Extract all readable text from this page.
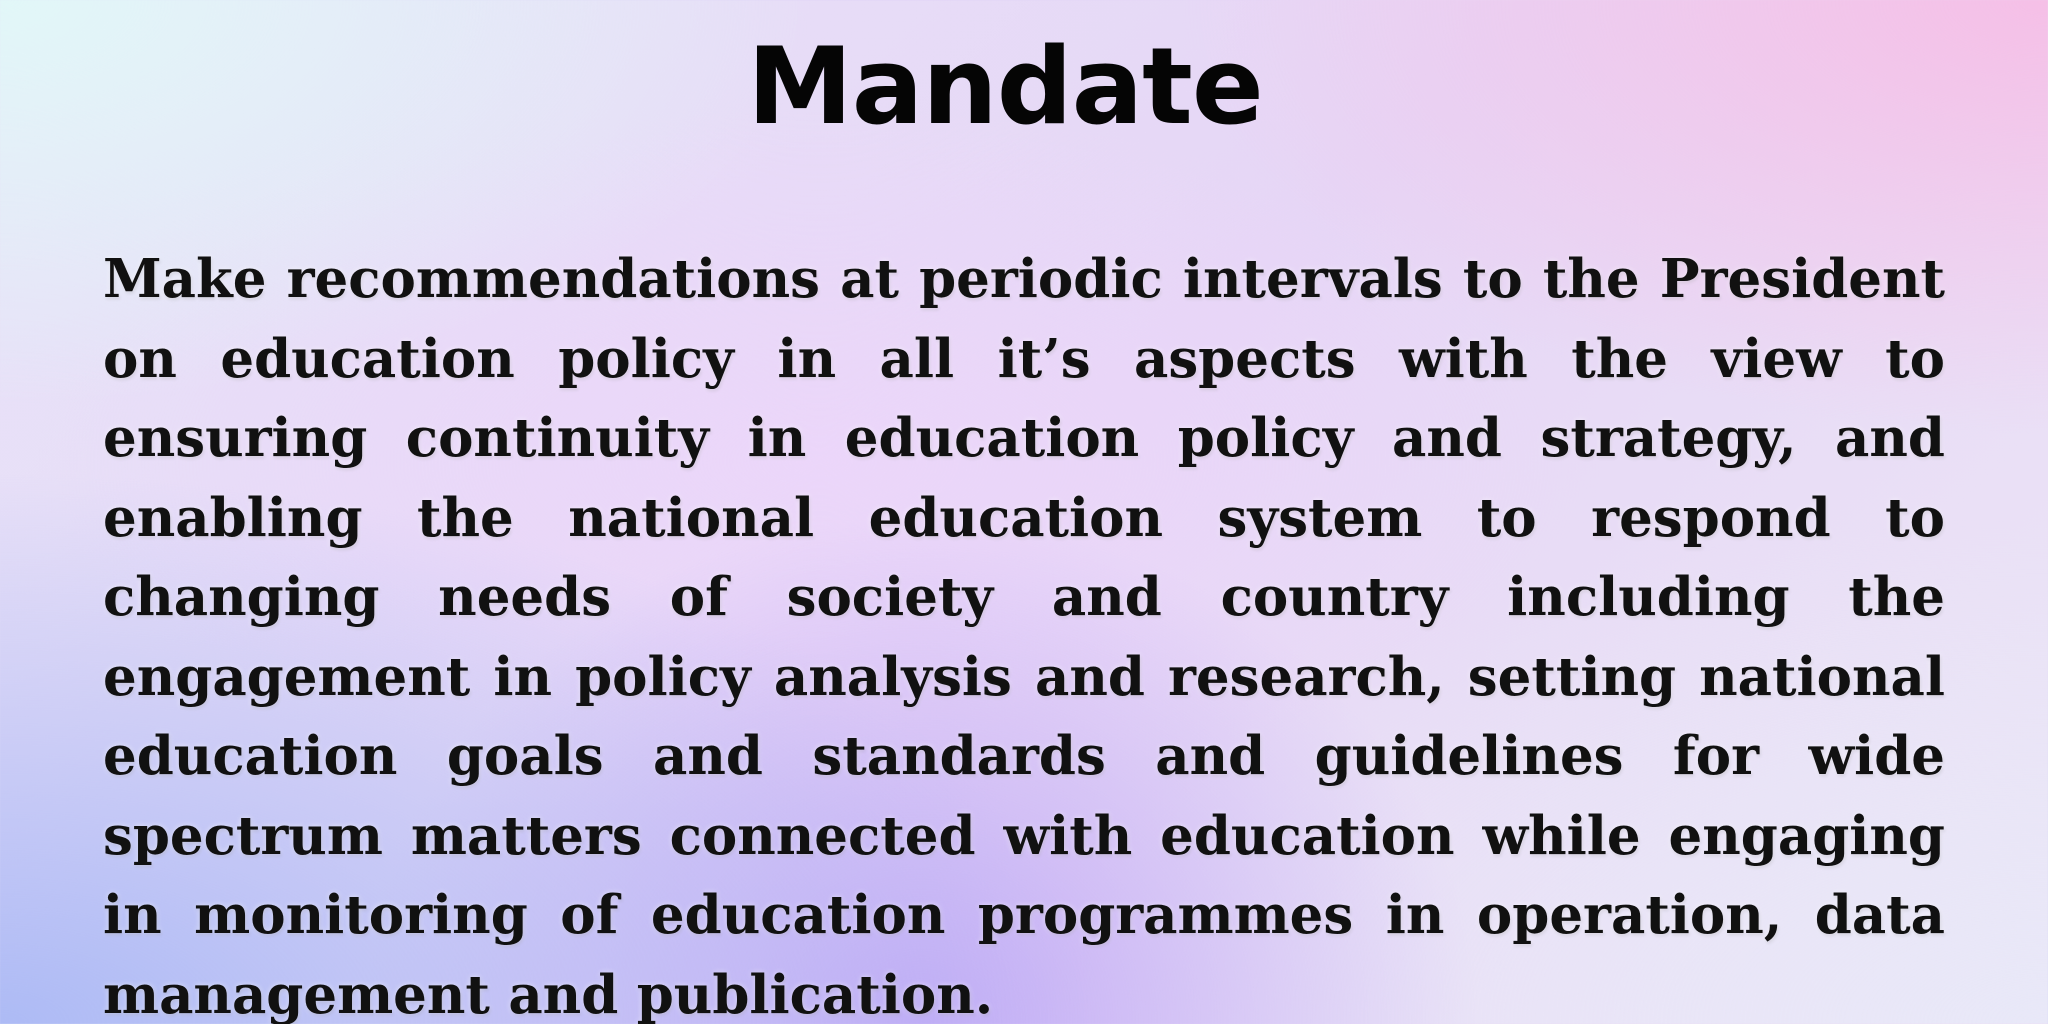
Mandate

Make recommendations at periodic intervals to the President on education policy in all it’s aspects with the view to ensuring continuity in education policy and strategy, and enabling the national education system to respond to changing needs of society and country including the engagement in policy analysis and research, setting national education goals and standards and guidelines for wide spectrum matters connected with education while engaging in monitoring of education programmes in operation, data management and publication.
